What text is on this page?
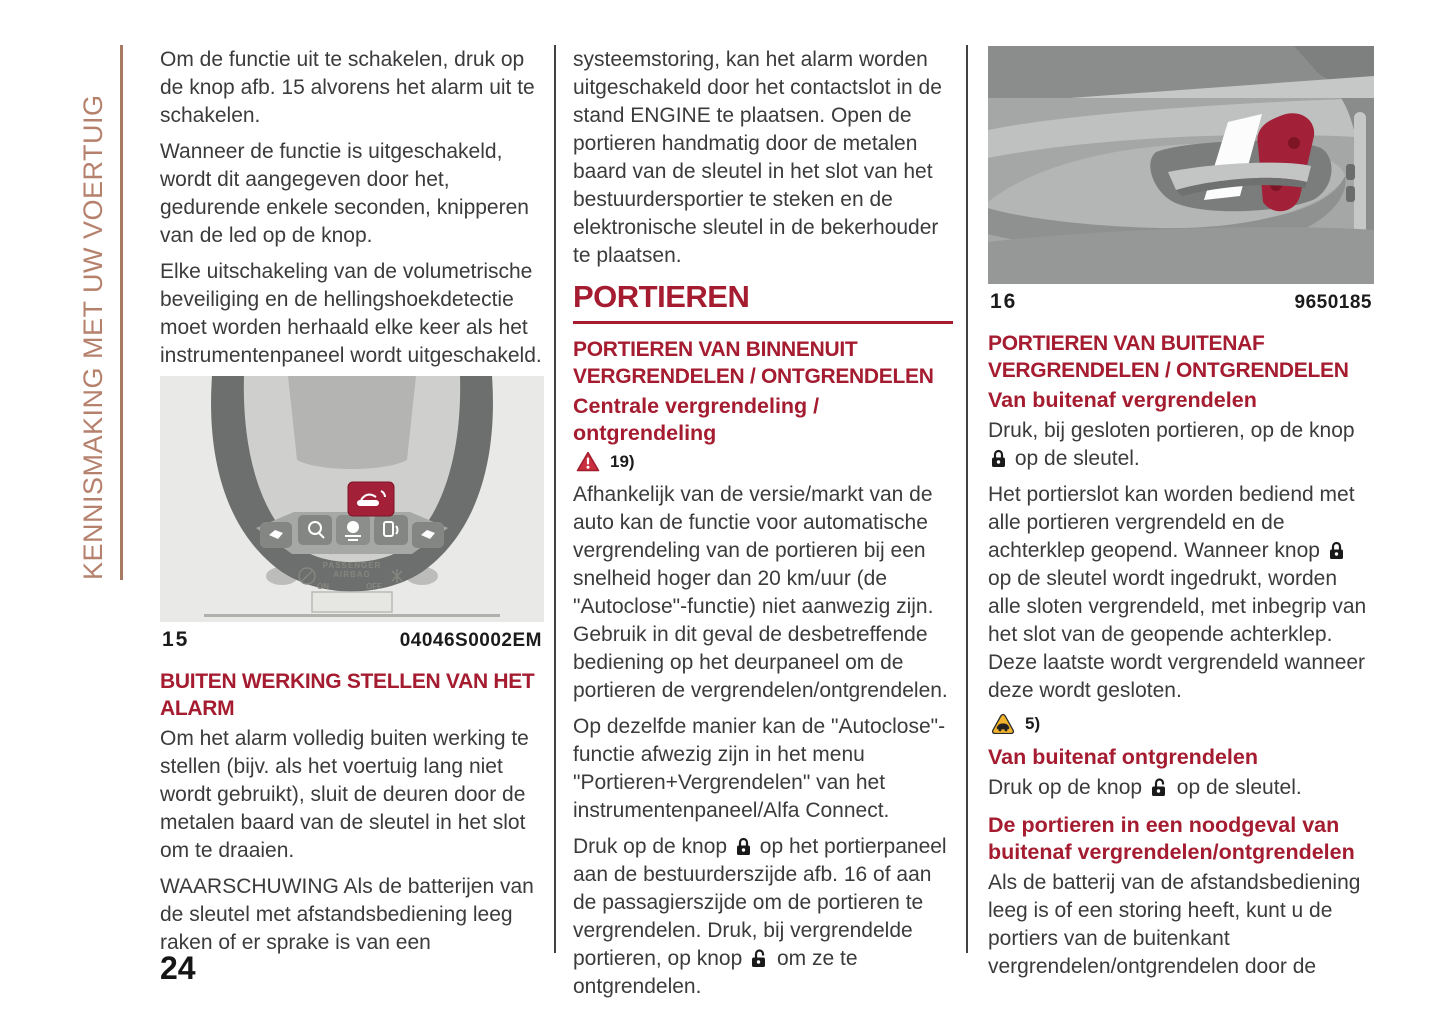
KENNISMAKING MET UW VOERTUIG

Om de functie uit te schakelen, druk op de knop afb. 15 alvorens het alarm uit te schakelen.

Wanneer de functie is uitgeschakeld, wordt dit aangegeven door het, gedurende enkele seconden, knipperen van de led op de knop.

Elke uitschakeling van de volumetrische beveiliging en de hellingshoekdetectie moet worden herhaald elke keer als het instrumentenpaneel wordt uitgeschakeld.

PASSENGER
AIRBAG
ON	OFF
15	04046S0002EM
BUITEN WERKING STELLEN VAN HET ALARM

Om het alarm volledig buiten werking te stellen (bijv. als het voertuig lang niet wordt gebruikt), sluit de deuren door de metalen baard van de sleutel in het slot om te draaien.

WAARSCHUWING Als de batterijen van de sleutel met afstandsbediening leeg raken of er sprake is van een

systeemstoring, kan het alarm worden uitgeschakeld door het contactslot in de stand ENGINE te plaatsen. Open de portieren handmatig door de metalen baard van de sleutel in het slot van het bestuurdersportier te steken en de elektronische sleutel in de bekerhouder te plaatsen.

PORTIEREN
PORTIEREN VAN BINNENUIT VERGRENDELEN / ONTGRENDELEN
Centrale vergrendeling / ontgrendeling
19)

Afhankelijk van de versie/markt van de auto kan de functie voor automatische vergrendeling van de portieren bij een snelheid hoger dan 20 km/uur (de "Autoclose"-functie) niet aanwezig zijn. Gebruik in dit geval de desbetreffende bediening op het deurpaneel om de portieren de vergrendelen/ontgrendelen.

Op dezelfde manier kan de "Autoclose"-functie afwezig zijn in het menu "Portieren+Vergrendelen" van het instrumentenpaneel/Alfa Connect.

Druk op de knop op het portierpaneel aan de bestuurderszijde afb. 16 of aan de passagierszijde om de portieren te vergrendelen. Druk, bij vergrendelde portieren, op knop om ze te ontgrendelen.

16	9650185
PORTIEREN VAN BUITENAF VERGRENDELEN / ONTGRENDELEN
Van buitenaf vergrendelen

Druk, bij gesloten portieren, op de knop  op de sleutel.

Het portierslot kan worden bediend met alle portieren vergrendeld en de achterklep geopend. Wanneer knop  op de sleutel wordt ingedrukt, worden alle sloten vergrendeld, met inbegrip van het slot van de geopende achterklep. Deze laatste wordt vergrendeld wanneer deze wordt gesloten.

5)
Van buitenaf ontgrendelen

Druk op de knop op de sleutel.

De portieren in een noodgeval van buitenaf vergrendelen/ontgrendelen

Als de batterij van de afstandsbediening leeg is of een storing heeft, kunt u de portiers van de buitenkant vergrendelen/ontgrendelen door de

24
